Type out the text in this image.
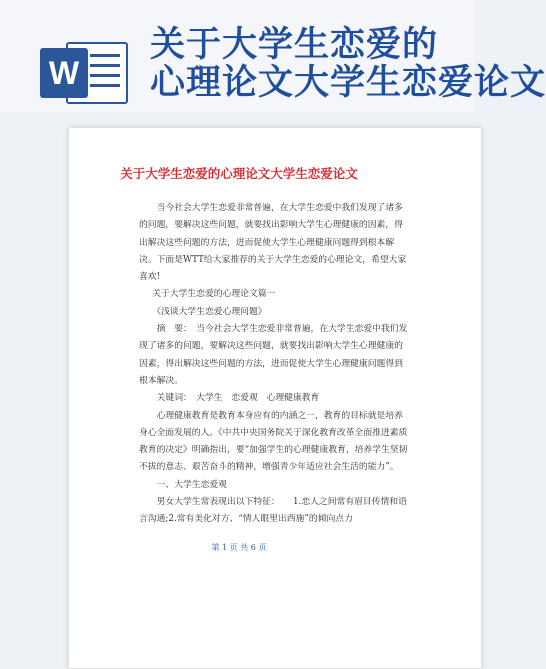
W
关于大学生恋爱的
心理论文大学生恋爱论文
关于大学生恋爱的心理论文大学生恋爱论文

当今社会大学生恋爱非常普遍，在大学生恋爱中我们发现了诸多的问题，要解决这些问题，就要找出影响大学生心理健康的因素，得出解决这些问题的方法，进而促使大学生心理健康问题得到根本解决。下面是WTT给大家推荐的关于大学生恋爱的心理论文，希望大家喜欢!

关于大学生恋爱的心理论文篇一

《浅谈大学生恋爱心理问题》

摘　要：　当今社会大学生恋爱非常普遍，在大学生恋爱中我们发现了诸多的问题，要解决这些问题，就要找出影响大学生心理健康的因素，得出解决这些问题的方法，进而促使大学生心理健康问题得到根本解决。

关键词：　大学生　恋爱观　心理健康教育

心理健康教育是教育本身应有的内涵之一，教育的目标就是培养身心全面发展的人。《中共中央国务院关于深化教育改革全面推进素质教育的决定》明确指出，要“加强学生的心理健康教育，培养学生坚韧不拔的意志、艰苦奋斗的精神，增强青少年适应社会生活的能力”。

一、大学生恋爱观

男女大学生常表现出以下特征：　　1.恋人之间常有眉目传情和语言沟通;2.常有美化对方、“情人眼里出西施”的倾向点力

第 1 页 共 6 页
